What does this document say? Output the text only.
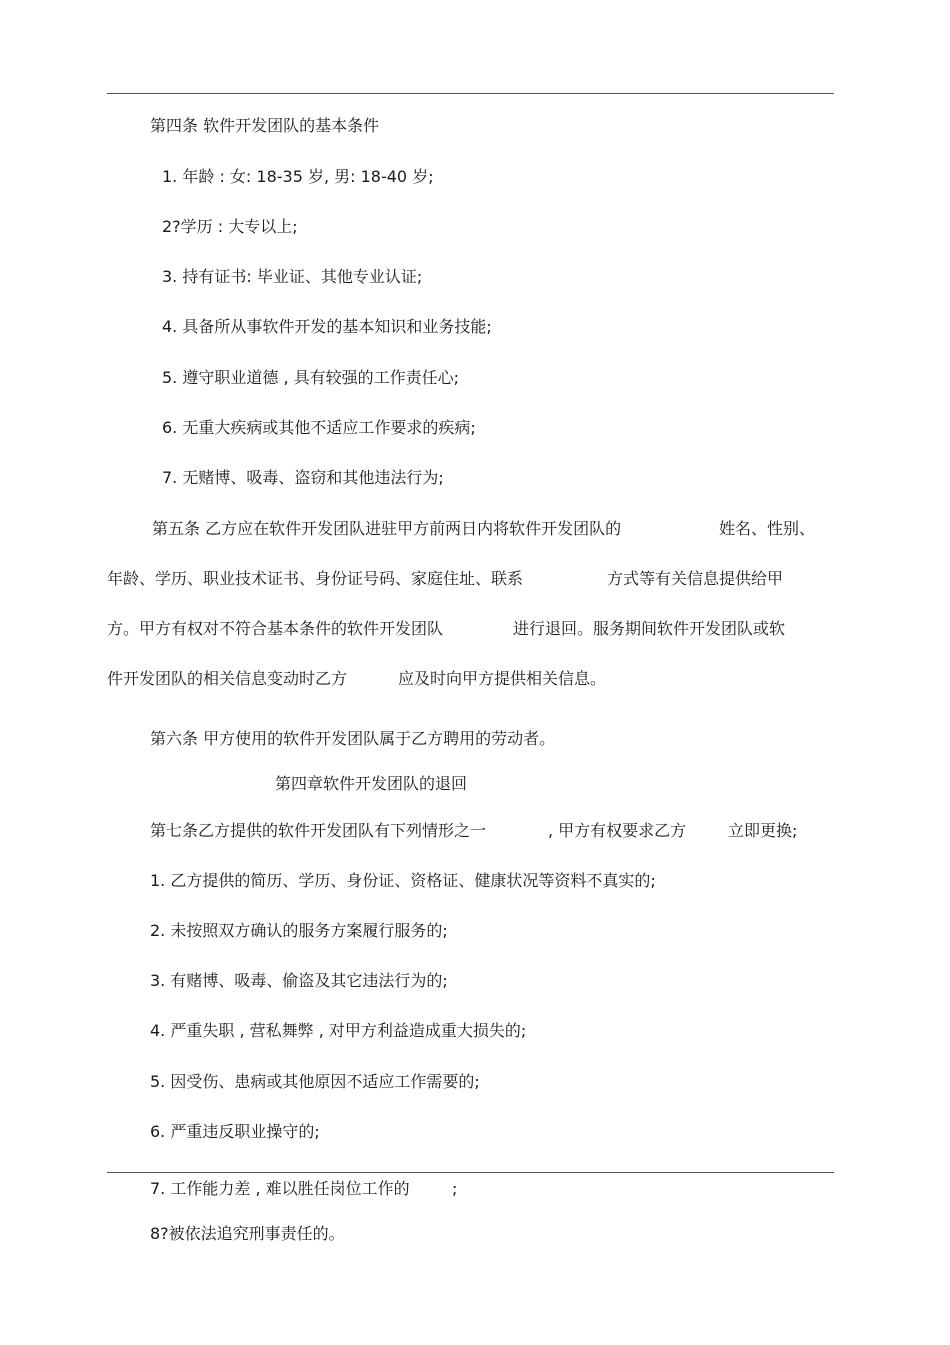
第四条 软件开发团队的基本条件
1. 年龄 : 女: 18-35 岁, 男: 18-40 岁;
2?学历 : 大专以上;
3. 持有证书: 毕业证、其他专业认证;
4. 具备所从事软件开发的基本知识和业务技能;
5. 遵守职业道德 , 具有较强的工作责任心;
6. 无重大疾病或其他不适应工作要求的疾病;
7. 无赌博、吸毒、盗窃和其他违法行为;
第五条 乙方应在软件开发团队进驻甲方前两日内将软件开发团队的	姓名、性别、
年龄、学历、职业技术证书、身份证号码、家庭住址、联系	方式等有关信息提供给甲
方。甲方有权对不符合基本条件的软件开发团队	进行退回。服务期间软件开发团队或软
件开发团队的相关信息变动时乙方	应及时向甲方提供相关信息。
第六条 甲方使用的软件开发团队属于乙方聘用的劳动者。
第四章软件开发团队的退回
第七条乙方提供的软件开发团队有下列情形之一	, 甲方有权要求乙方	立即更换;
1. 乙方提供的简历、学历、身份证、资格证、健康状况等资料不真实的;
2. 未按照双方确认的服务方案履行服务的;
3. 有赌博、吸毒、偷盗及其它违法行为的;
4. 严重失职 , 营私舞弊 , 对甲方利益造成重大损失的;
5. 因受伤、患病或其他原因不适应工作需要的;
6. 严重违反职业操守的;
7. 工作能力差 , 难以胜任岗位工作的	;
8?被依法追究刑事责任的。
